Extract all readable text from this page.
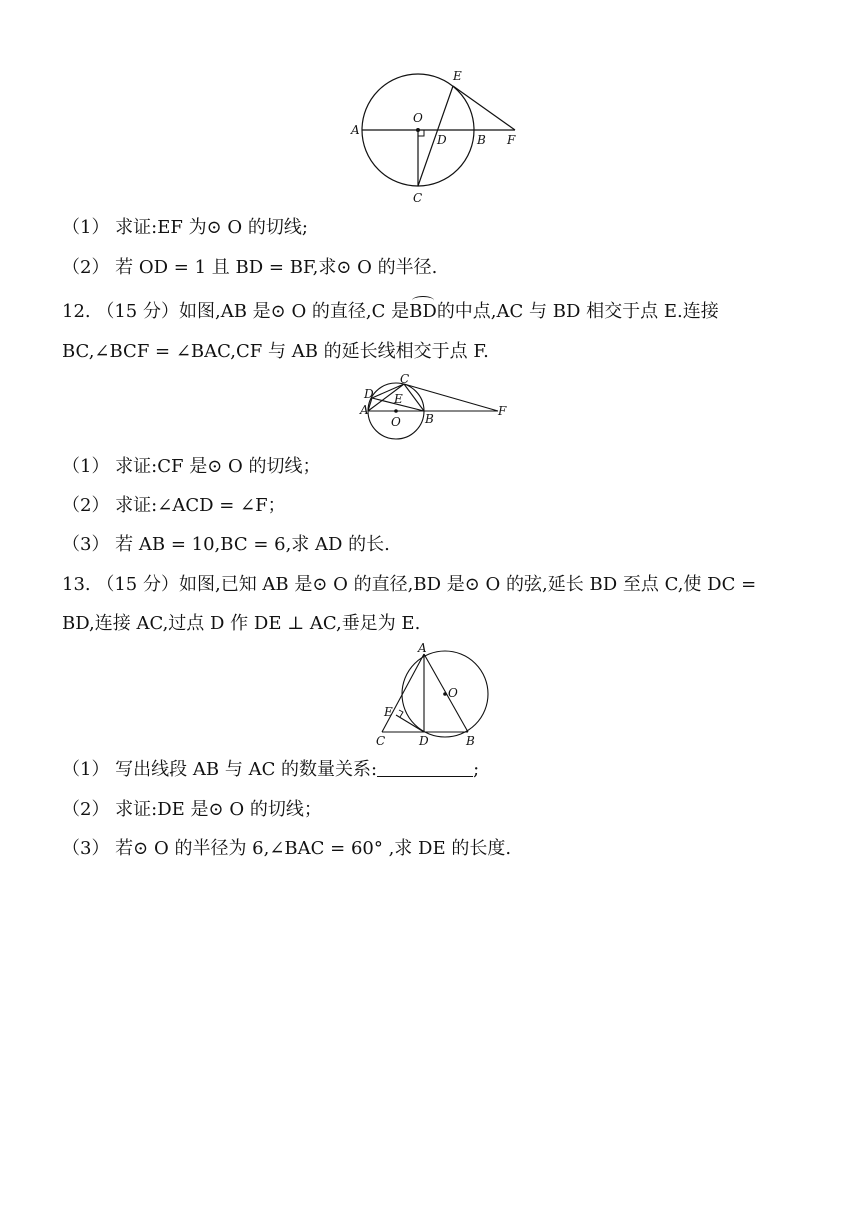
A
O
D	B F
E
C
（1） 求证:EF 为⊙ O 的切线;
（2） 若 OD = 1 且 BD = BF,求⊙ O 的半径.
12. （15 分）如图,AB 是⊙ O 的直径,C 是BD的中点,AC 与 BD 相交于点 E.连接
BC,∠BCF = ∠BAC,CF 与 AB 的延长线相交于点 F.
C
D E
A
O B
F
（1） 求证:CF 是⊙ O 的切线；
（2） 求证:∠ACD = ∠F；
（3） 若 AB = 10,BC = 6,求 AD 的长.
13. （15 分）如图,已知 AB 是⊙ O 的直径,BD 是⊙ O 的弦,延长 BD 至点 C,使 DC =
BD,连接 AC,过点 D 作 DE ⊥ AC,垂足为 E.
A
O
E
C	D	B
（1） 写出线段 AB 与 AC 的数量关系:	;
（2） 求证:DE 是⊙ O 的切线；
（3） 若⊙ O 的半径为 6,∠BAC = 60° ,求 DE 的长度.
